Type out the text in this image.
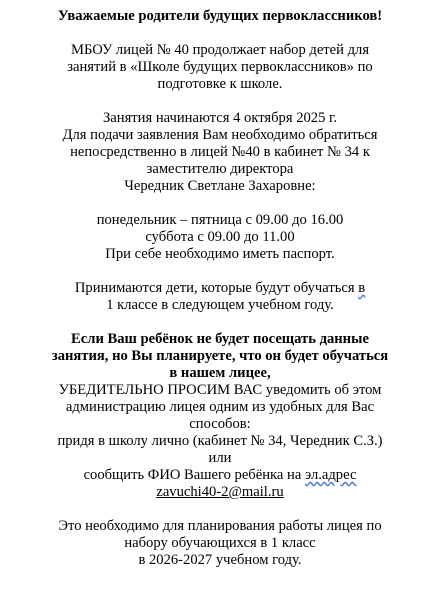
Уважаемые родители будущих первоклассников!
МБОУ лицей № 40 продолжает набор детей для
занятий в «Школе будущих первоклассников» по
подготовке к школе.
Занятия начинаются 4 октября 2025 г.
Для подачи заявления Вам необходимо обратиться
непосредственно в лицей №40 в кабинет № 34 к
заместителю директора
Чередник Светлане Захаровне:
понедельник – пятница с 09.00 до 16.00
суббота с 09.00 до 11.00
При себе необходимо иметь паспорт.
Принимаются дети, которые будут обучаться в
1 классе в следующем учебном году.
Если Ваш ребёнок не будет посещать данные
занятия, но Вы планируете, что он будет обучаться
в нашем лицее,
УБЕДИТЕЛЬНО ПРОСИМ ВАС уведомить об этом
администрацию лицея одним из удобных для Вас
способов:
придя в школу лично (кабинет № 34, Чередник С.З.)
или
сообщить ФИО Вашего ребёнка на эл.адрес
zavuchi40-2@mail.ru
Это необходимо для планирования работы лицея по
набору обучающихся в 1 класс
в 2026-2027 учебном году.
